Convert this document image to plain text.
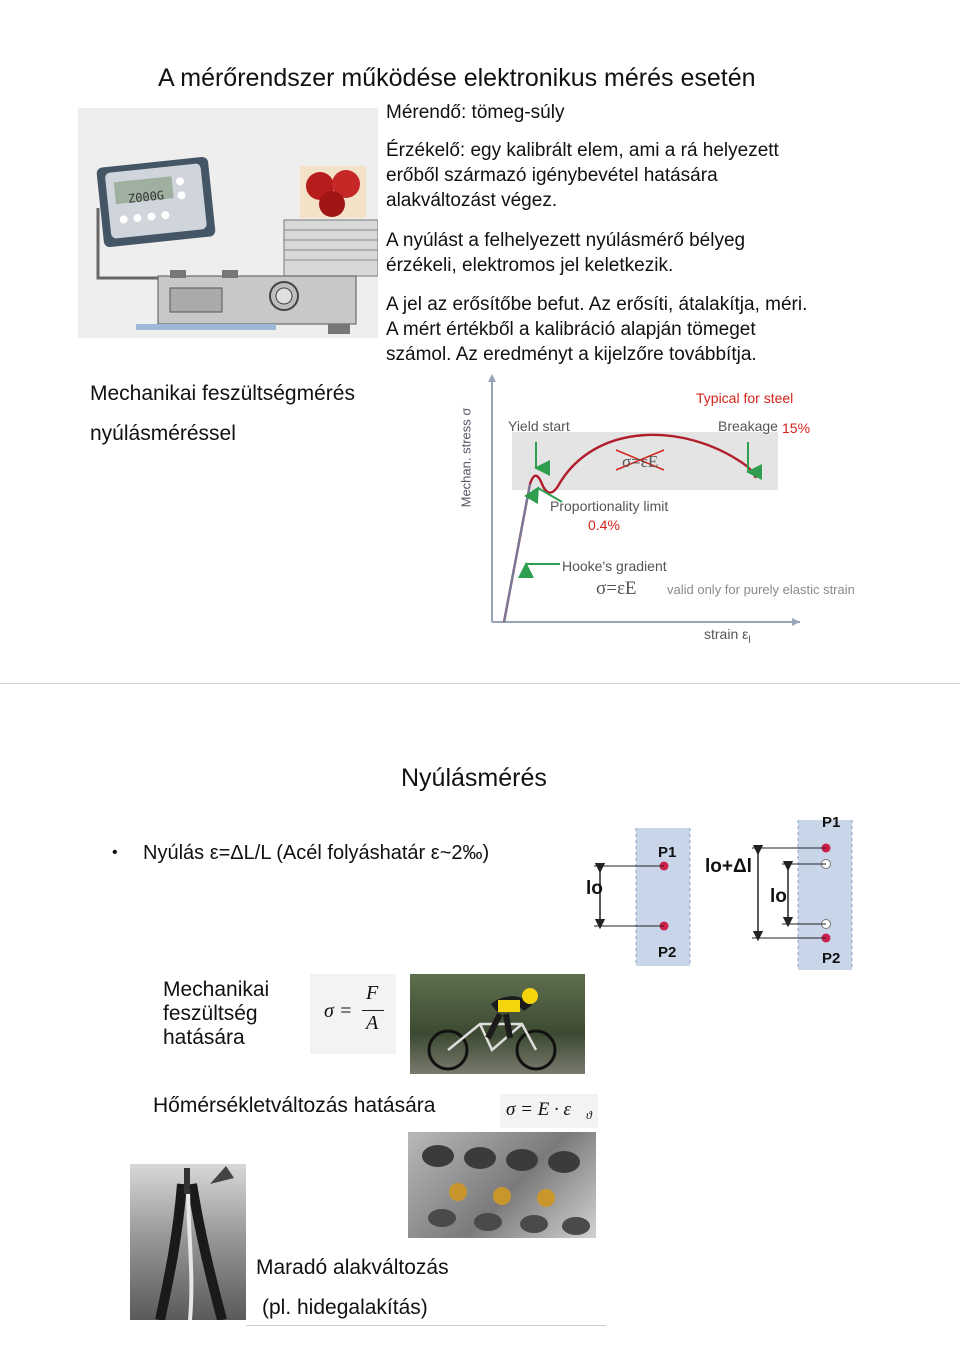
A mérőrendszer működése elektronikus mérés esetén
Z000G
Mérendő: tömeg-súly
Érzékelő: egy kalibrált elem, ami a rá helyezett
erőből származó igénybevétel hatására
alakváltozást végez.
A nyúlást a felhelyezett nyúlásmérő bélyeg
érzékeli, elektromos jel keletkezik.
A jel az erősítőbe befut. Az erősíti, átalakítja, méri.
A mért értékből a kalibráció alapján tömeget
számol. Az eredményt a kijelzőre továbbítja.
Mechanikai feszültségmérés
nyúlásméréssel	Mechan. stress σ
Typical for steel
Yield start	Breakage 15%
σ=εE
Proportionality limit
0.4%
Hooke's gradient
σ=εE valid only for purely elastic strain
strain $\varepsilon_l$
Nyúlásmérés
• Nyúlás ε=ΔL/L (Acél folyáshatár ε~2‰)	P1
P2
lo
lo+Δl
lo
P1
P2
Mechanikai
feszültség
hatására
σ =
F
A
Hőmérsékletváltozás hatására	σ = E · ε ϑ
Maradó alakváltozás
(pl. hidegalakítás)
